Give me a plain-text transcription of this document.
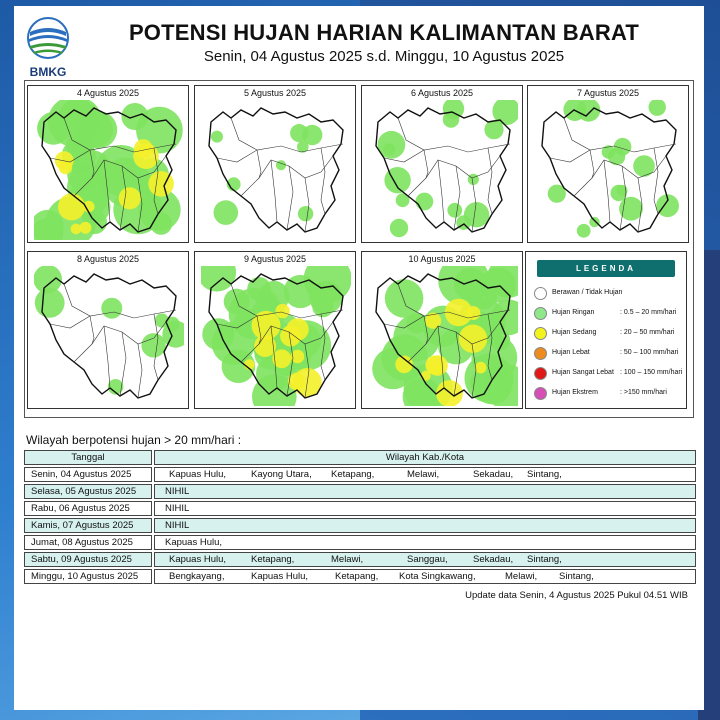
BMKG
POTENSI HUJAN HARIAN KALIMANTAN BARAT
Senin, 04 Agustus 2025 s.d. Minggu, 10 Agustus 2025
4 Agustus 2025	5 Agustus 2025	6 Agustus 2025	7 Agustus 2025
8 Agustus 2025	9 Agustus 2025	10 Agustus 2025
LEGENDA
Berawan / Tidak Hujan
Hujan Ringan	: 0.5 – 20 mm/hari
Hujan Sedang	: 20 – 50 mm/hari
Hujan Lebat	: 50 – 100 mm/hari
Hujan Sangat Lebat : 100 – 150 mm/hari
Hujan Ekstrem	: >150 mm/hari
Wilayah berpotensi hujan > 20 mm/hari :
Tanggal	Wilayah Kab./Kota
Senin, 04 Agustus 2025	Kapuas Hulu,	Kayong Utara, Ketapang,	Melawi,	Sekadau, Sintang,
Selasa, 05 Agustus 2025	NIHIL
Rabu, 06 Agustus 2025	NIHIL
Kamis, 07 Agustus 2025	NIHIL
Jumat, 08 Agustus 2025	Kapuas Hulu,
Sabtu, 09 Agustus 2025	Kapuas Hulu,	Ketapang,	Melawi,	Sanggau,	Sekadau, Sintang,
Minggu, 10 Agustus 2025	Bengkayang,	Kapuas Hulu,	Ketapang, Kota Singkawang,	Melawi, Sintang,
Update data Senin, 4 Agustus 2025 Pukul 04.51 WIB
